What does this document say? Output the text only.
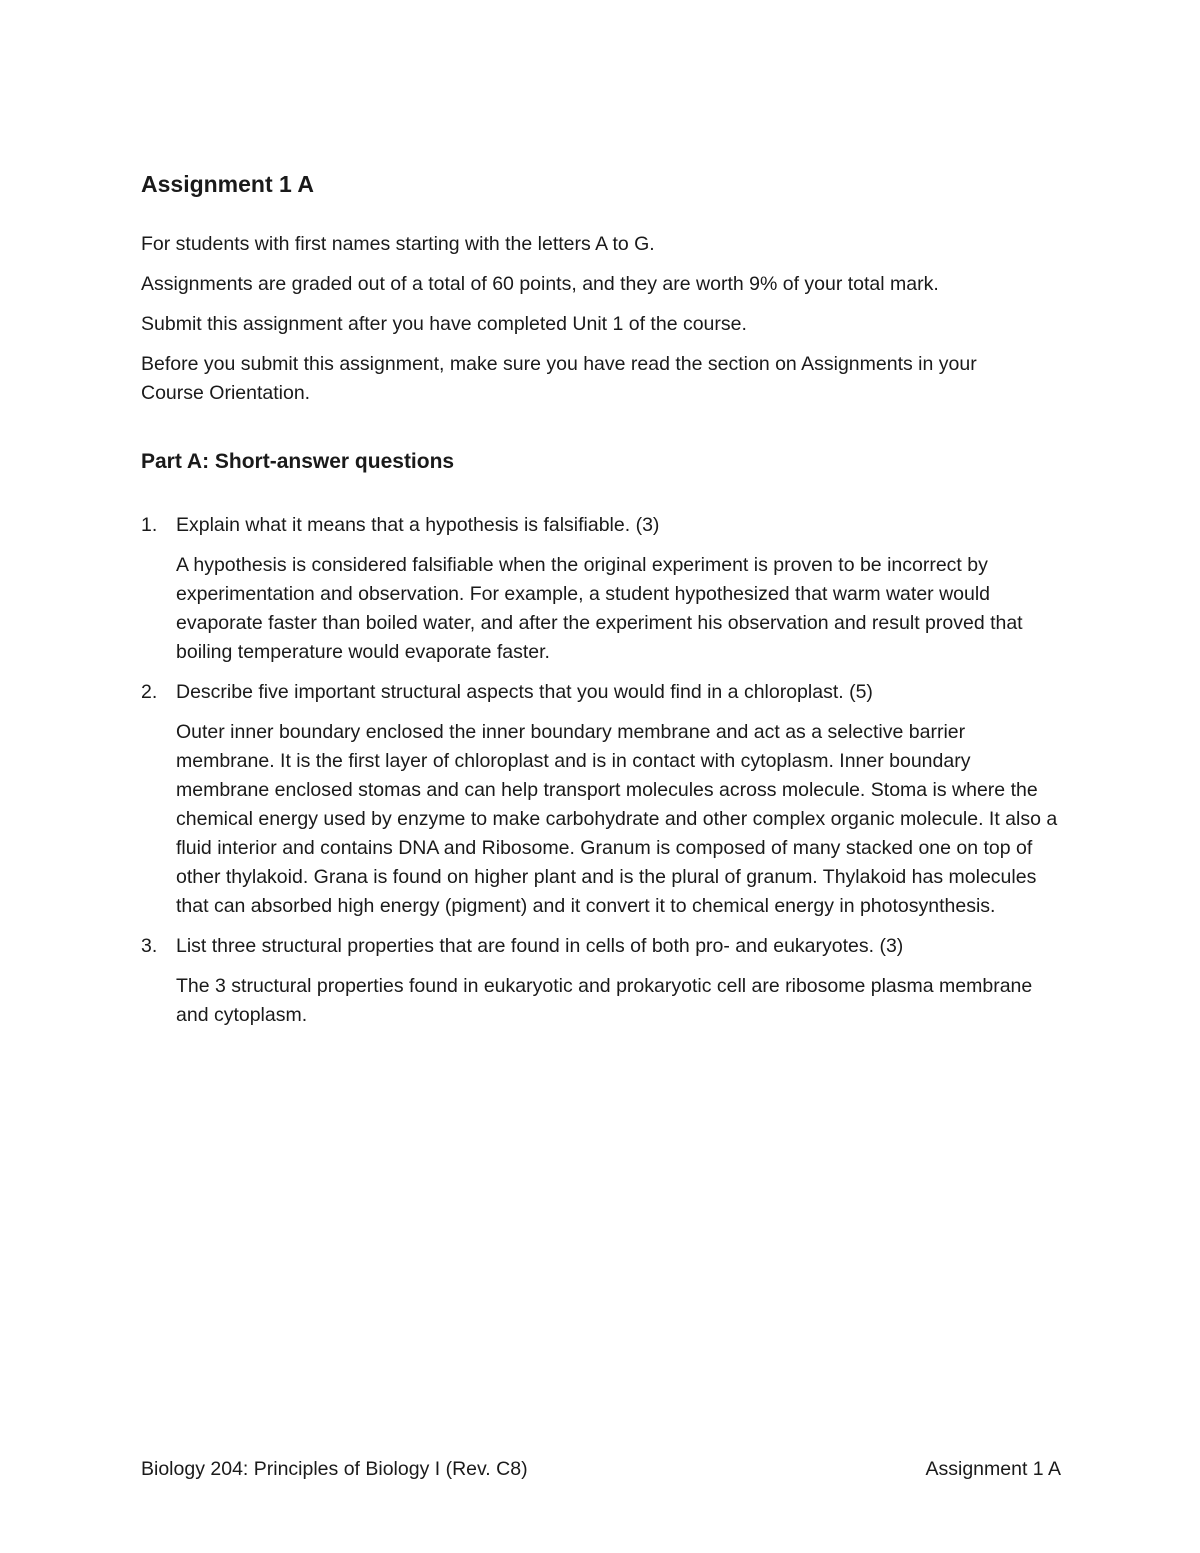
Assignment 1 A

For students with first names starting with the letters A to G.

Assignments are graded out of a total of 60 points, and they are worth 9% of your total mark.

Submit this assignment after you have completed Unit 1 of the course.

Before you submit this assignment, make sure you have read the section on Assignments in your Course Orientation.

Part A: Short-answer questions
1. Explain what it means that a hypothesis is falsifiable. (3)

A hypothesis is considered falsifiable when the original experiment is proven to be incorrect by experimentation and observation. For example, a student hypothesized that warm water would evaporate faster than boiled water, and after the experiment his observation and result proved that boiling temperature would evaporate faster.

2. Describe five important structural aspects that you would find in a chloroplast. (5)

Outer inner boundary enclosed the inner boundary membrane and act as a selective barrier membrane. It is the first layer of chloroplast and is in contact with cytoplasm. Inner boundary membrane enclosed stomas and can help transport molecules across molecule. Stoma is where the chemical energy used by enzyme to make carbohydrate and other complex organic molecule. It also a fluid interior and contains DNA and Ribosome. Granum is composed of many stacked one on top of other thylakoid. Grana is found on higher plant and is the plural of granum. Thylakoid has molecules that can absorbed high energy (pigment) and it convert it to chemical energy in photosynthesis.

3. List three structural properties that are found in cells of both pro- and eukaryotes. (3)

The 3 structural properties found in eukaryotic and prokaryotic cell are ribosome plasma membrane and cytoplasm.

Biology 204: Principles of Biology I (Rev. C8)	Assignment 1 A
